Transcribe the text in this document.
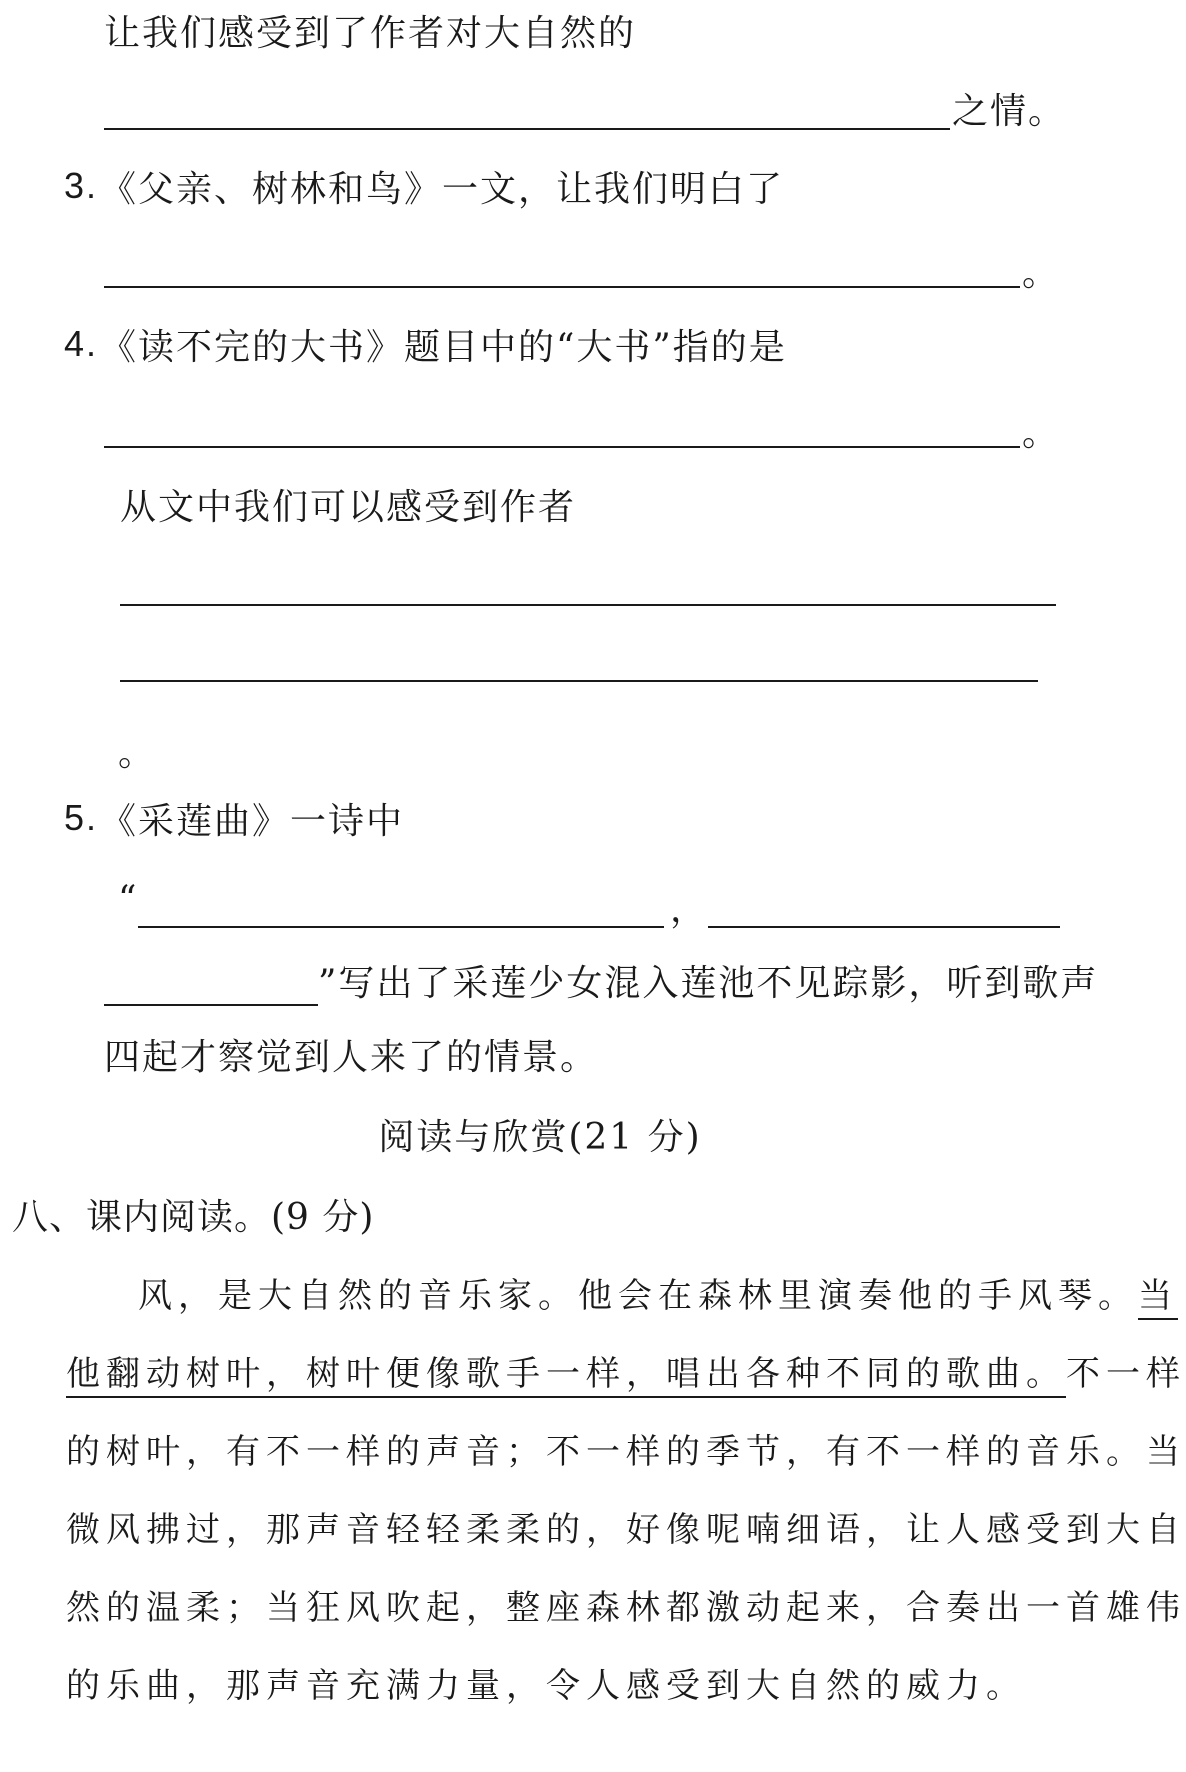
让我们感受到了作者对大自然的
之情。
3. 《父亲、树林和鸟》一文，让我们明白了
。
4. 《读不完的大书》题目中的“大书”指的是
。
从文中我们可以感受到作者
。
5. 《采莲曲》一诗中
“	，
”写出了采莲少女混入莲池不见踪影，听到歌声
四起才察觉到人来了的情景。
阅读与欣赏(21 分)
八、课内阅读。(9 分)
风，是大自然的音乐家。他会在森林里演奏他的手风琴。当
他翻动树叶，树叶便像歌手一样，唱出各种不同的歌曲。不一样
的树叶，有不一样的声音；不一样的季节，有不一样的音乐。当
微风拂过，那声音轻轻柔柔的，好像呢喃细语，让人感受到大自
然的温柔；当狂风吹起，整座森林都激动起来，合奏出一首雄伟
的乐曲，那声音充满力量，令人感受到大自然的威力。
